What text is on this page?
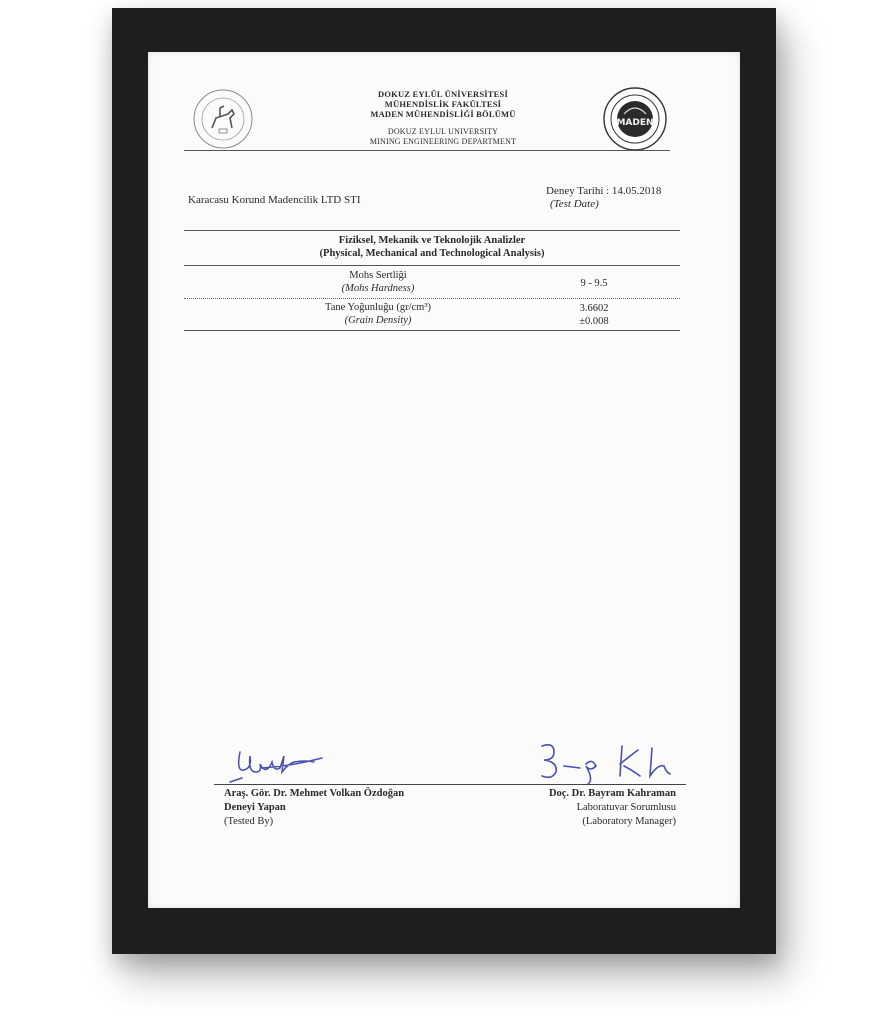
MADEN
DOKUZ EYLÜL ÜNİVERSİTESİ
MÜHENDİSLİK FAKÜLTESİ
MADEN MÜHENDİSLİĞİ BÖLÜMÜ
DOKUZ EYLUL UNIVERSITY
MINING ENGINEERING DEPARTMENT
Karacasu Korund Madencilik LTD STI
Deney Tarihi : 14.05.2018
(Test Date)
Fiziksel, Mekanik ve Teknolojik Analizler
(Physical, Mechanical and Technological Analysis)
Mohs Sertliği
(Mohs Hardness)	9 - 9.5
Tane Yoğunluğu (gr/cm³)
(Grain Density)
3.6602
±0.008
Araş. Gör. Dr. Mehmet Volkan Özdoğan
Deneyi Yapan
(Tested By)
Doç. Dr. Bayram Kahraman
Laboratuvar Sorumlusu
(Laboratory Manager)
